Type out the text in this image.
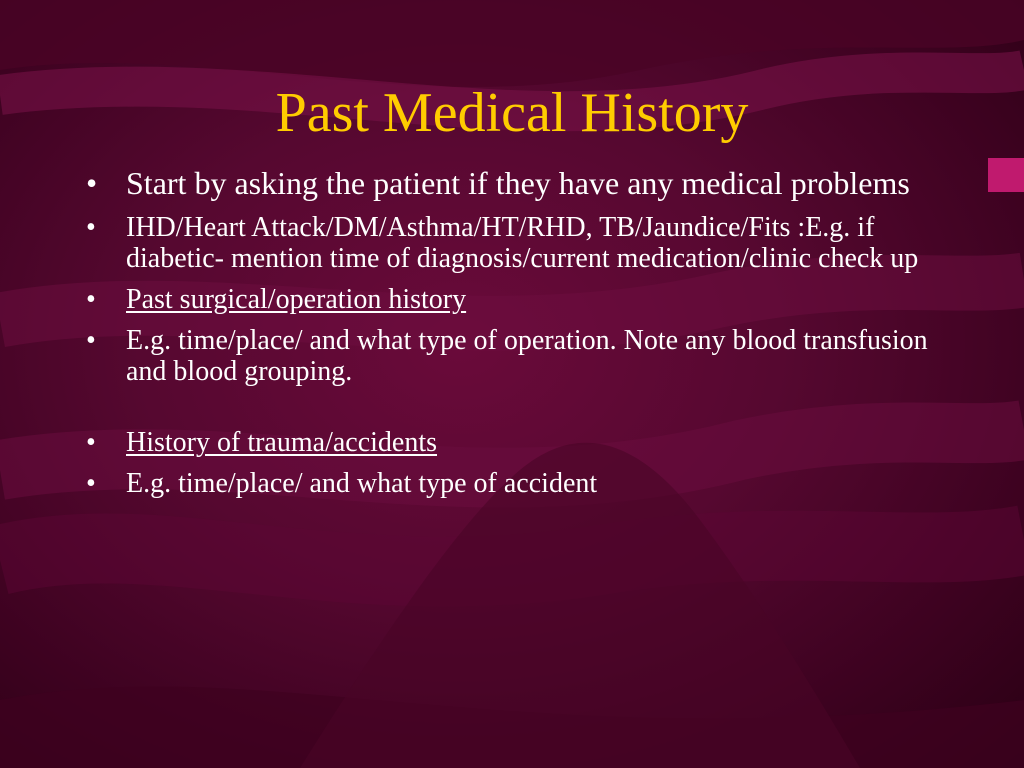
Past Medical History
• Start by asking the patient if they have any medical problems
• IHD/Heart Attack/DM/Asthma/HT/RHD, TB/Jaundice/Fits :E.g. if diabetic- mention time of diagnosis/current medication/clinic check up
• Past surgical/operation history
• E.g. time/place/ and what type of operation. Note any blood transfusion and blood grouping.
• History of trauma/accidents
• E.g. time/place/ and what type of accident
